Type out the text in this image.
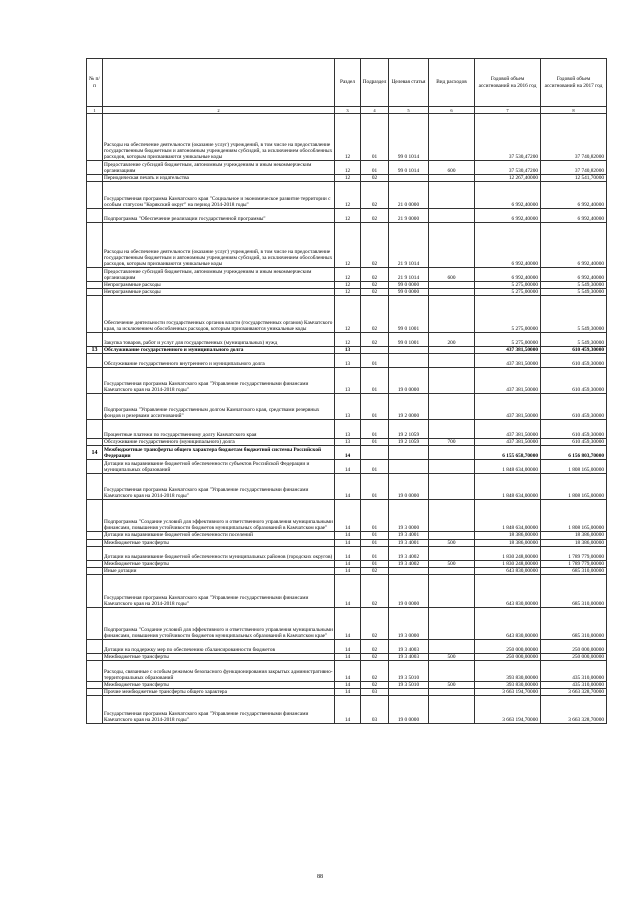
№ п/п		Раздел	Подраздел	Целевая статья	Вид расходов	Годовой объем ассигнований на 2016 год	Годовой объем ассигнований на 2017 год
1	2	3	4	5	6	7	8
	Расходы на обеспечение деятельности (оказание услуг) учреждений, в том числе на предоставление государственным бюджетным и автономным учреждениям субсидий, за исключением обособленных расходов, которым присваиваются уникальные коды	12	01	99 0 1014		37 530,47200	37 740,82000
	Предоставление субсидий бюджетным, автономным учреждениям и иным некоммерческим организациям	12	01	99 0 1014	600	37 530,47200	37 740,82000
	Периодическая печать и издательства	12	02			12 267,40000	12 541,70000
	Государственная программа Камчатского края "Социальное и экономическое развитие территории с особым статусом "Корякский округ" на период 2014-2018 годы"	12	02	21 0 0000		6 992,40000	6 992,40000
	Подпрограмма "Обеспечение реализации государственной программы"	12	02	21 9 0000		6 992,40000	6 992,40000
	Расходы на обеспечение деятельности (оказание услуг) учреждений, в том числе на предоставление государственным бюджетным и автономным учреждениям субсидий, за исключением обособленных расходов, которым присваиваются уникальные коды	12	02	21 9 1014		6 992,40000	6 992,40000
	Предоставление субсидий бюджетным, автономным учреждениям и иным некоммерческим организациям	12	02	21 9 1014	600	6 992,40000	6 992,40000
	Непрограммные расходы	12	02	99 0 0000		5 275,00000	5 549,30000
	Непрограммные расходы	12	02	99 0 0000		5 275,00000	5 549,30000
	Обеспечение деятельности государственных органов власти (государственных органов) Камчатского края, за исключением обособленных расходов, которым присваиваются уникальные коды	12	02	99 0 1001		5 275,00000	5 549,30000
	Закупка товаров, работ и услуг для государственных (муниципальных) нужд	12	02	99 0 1001	200	5 275,00000	5 549,30000
13	Обслуживание государственного и муниципального долга	13				437 381,50000	610 459,30000
	Обслуживание государственного внутреннего и муниципального долга	13	01			437 381,50000	610 459,30000
	Государственная программа Камчатского края "Управление государственными финансами Камчатского края на 2014-2018 годы"	13	01	19 0 0000		437 381,50000	610 459,30000
	Подпрограмма "Управление государственным долгом Камчатского края, средствами резервных фондов и резервами ассигнований"	13	01	19 2 0000		437 381,50000	610 459,30000
	Процентные платежи по государственному долгу Камчатского края	13	01	19 2 1059		437 381,50000	610 459,30000
	Обслуживание государственного (муниципального) долга	13	01	19 2 1059	700	437 381,50000	610 459,30000
14	Межбюджетные трансферты общего характера бюджетам бюджетной системы Российской Федерации	14				6 155 658,70000	6 156 803,70000
	Дотации на выравнивание бюджетной обеспеченности субъектов Российской Федерации и муниципальных образований	14	01			1 848 634,00000	1 808 165,00000
	Государственная программа Камчатского края "Управление государственными финансами Камчатского края на 2014-2018 годы"	14	01	19 0 0000		1 848 634,00000	1 808 165,00000
	Подпрограмма "Создание условий для эффективного и ответственного управления муниципальными финансами, повышения устойчивости бюджетов муниципальных образований в Камчатском крае"	14	01	19 3 0000		1 848 634,00000	1 808 165,00000
	Дотации на выравнивание бюджетной обеспеченности поселений	14	01	19 3 4001		18 386,00000	18 386,00000
	Межбюджетные трансферты	14	01	19 3 4001	500	18 386,00000	18 386,00000
	Дотации на выравнивание бюджетной обеспеченности муниципальных районов (городских округов)	14	01	19 3 4002		1 830 248,00000	1 789 779,00000
	Межбюджетные трансферты	14	01	19 3 4002	500	1 830 248,00000	1 789 779,00000
	Иные дотации	14	02			643 830,00000	685 310,00000
	Государственная программа Камчатского края "Управление государственными финансами Камчатского края на 2014-2018 годы"	14	02	19 0 0000		643 830,00000	685 310,00000
	Подпрограмма "Создание условий для эффективного и ответственного управления муниципальными финансами, повышения устойчивости бюджетов муниципальных образований в Камчатском крае"	14	02	19 3 0000		643 830,00000	685 310,00000
	Дотации на поддержку мер по обеспечению сбалансированности бюджетов	14	02	19 3 4003		250 000,00000	250 000,00000
	Межбюджетные трансферты	14	02	19 3 4003	500	250 000,00000	250 000,00000
	Расходы, связанные с особым режимом безопасного функционирования закрытых административно-территориальных образований	14	02	19 3 5010		393 830,00000	435 310,00000
	Межбюджетные трансферты	14	02	19 3 5010	500	393 830,00000	435 310,00000
	Прочие межбюджетные трансферты общего характера	14	03			3 663 194,70000	3 663 328,70000
	Государственная программа Камчатского края "Управление государственными финансами Камчатского края на 2014-2018 годы"	14	03	19 0 0000		3 663 194,70000	3 663 328,70000
88
